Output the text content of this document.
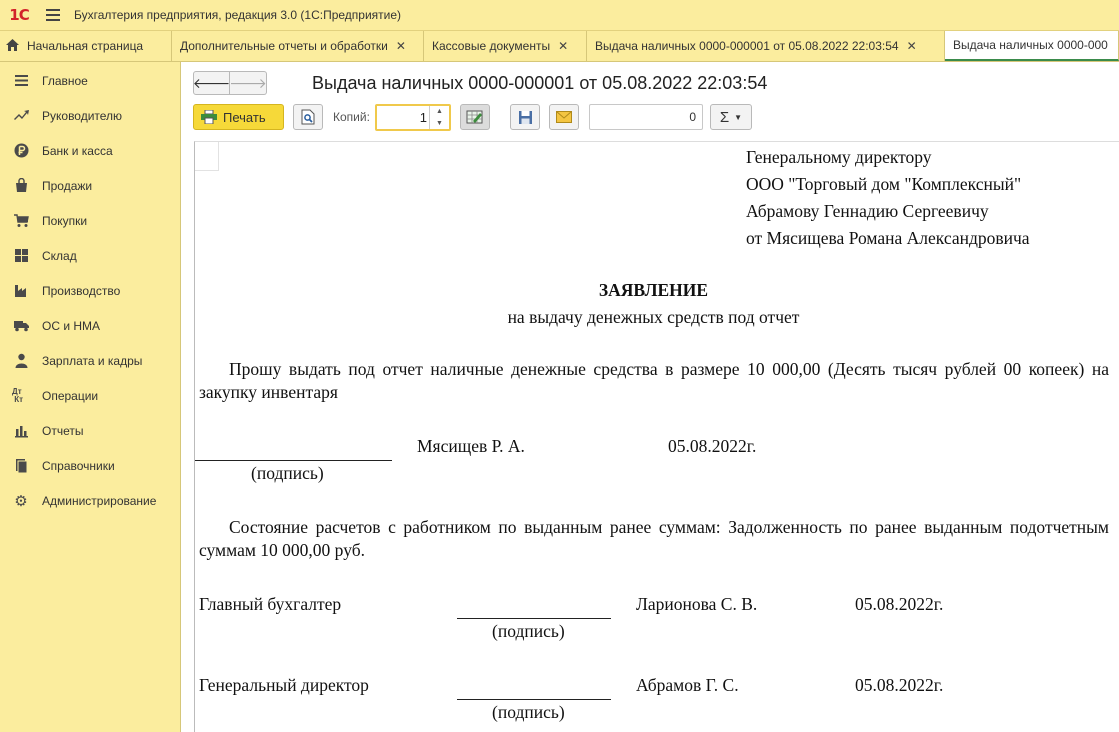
1С	Бухгалтерия предприятия, редакция 3.0 (1С:Предприятие)
Начальная страница	Дополнительные отчеты и обработки ✕ Кассовые документы ✕ Выдача наличных 0000-000001 от 05.08.2022 22:03:54 ✕	Выдача наличных 0000-000
Главное
Руководителю
Банк и касса
Продажи
Покупки
Склад
Производство
ОС и НМА
Зарплата и кадры
Дт
Кт	Операции
Отчеты
Справочники
⚙ Администрирование
🡐
🡒	Выдача наличных 0000-000001 от 05.08.2022 22:03:54
Печать	Копий:	1 ▲
▼	0	Σ ▼
Генеральному директору
ООО "Торговый дом "Комплексный"
Абрамову Геннадию Сергеевичу
от Мясищева Романа Александровича
ЗАЯВЛЕНИЕ
на выдачу денежных средств под отчет
Прошу выдать под отчет наличные денежные средства в размере 10 000,00 (Десять тысяч рублей 00 копеек) на закупку инвентаря
Мясищев Р. А.	05.08.2022г.
(подпись)
Состояние расчетов с работником по выданным ранее суммам: Задолженность по ранее выданным подотчетным суммам 10 000,00 руб.
Главный бухгалтер	Ларионова С. В.	05.08.2022г.
(подпись)
Генеральный директор	Абрамов Г. С.	05.08.2022г.
(подпись)
